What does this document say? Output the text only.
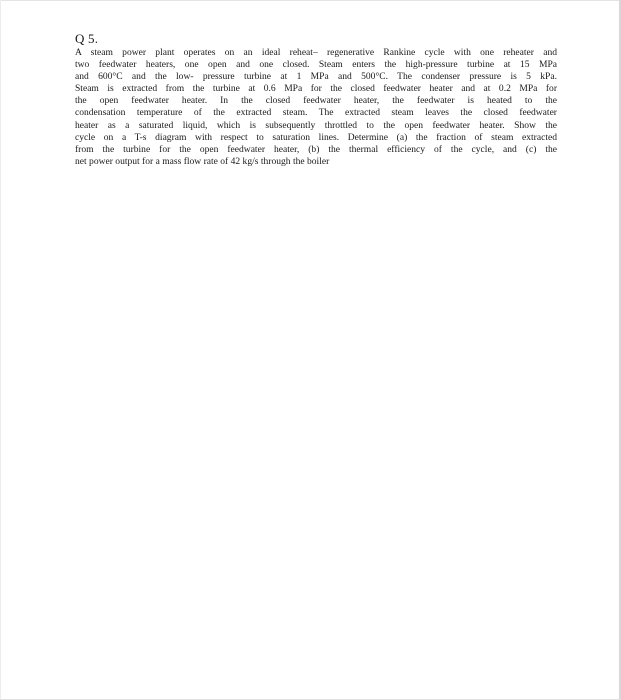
Q 5.

A steam power plant operates on an ideal reheat– regenerative Rankine cycle with one reheater and
two feedwater heaters, one open and one closed. Steam enters the high-pressure turbine at 15 MPa
and 600°C and the low- pressure turbine at 1 MPa and 500°C. The condenser pressure is 5 kPa.
Steam is extracted from the turbine at 0.6 MPa for the closed feedwater heater and at 0.2 MPa for
the open feedwater heater. In the closed feedwater heater, the feedwater is heated to the
condensation temperature of the extracted steam. The extracted steam leaves the closed feedwater
heater as a saturated liquid, which is subsequently throttled to the open feedwater heater. Show the
cycle on a T-s diagram with respect to saturation lines. Determine (a) the fraction of steam extracted
from the turbine for the open feedwater heater, (b) the thermal efficiency of the cycle, and (c) the
net power output for a mass flow rate of 42 kg/s through the boiler
